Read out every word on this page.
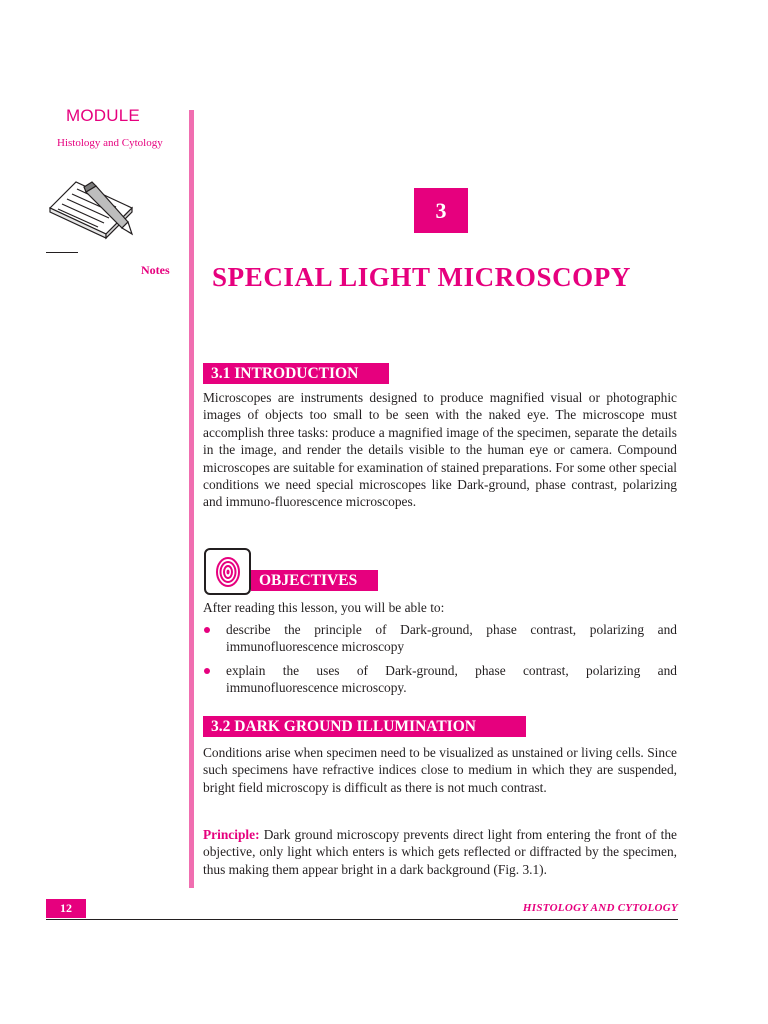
MODULE
Histology and Cytology
Notes
3
SPECIAL LIGHT MICROSCOPY
3.1 INTRODUCTION
Microscopes are instruments designed to produce magnified visual or photographic images of objects too small to be seen with the naked eye. The microscope must accomplish three tasks: produce a magnified image of the specimen, separate the details in the image, and render the details visible to the human eye or camera. Compound microscopes are suitable for examination of stained preparations. For some other special conditions we need special microscopes like Dark-ground, phase contrast, polarizing and immuno-fluorescence microscopes.
OBJECTIVES
After reading this lesson, you will be able to:
describe the principle of Dark-ground, phase contrast, polarizing and immunofluorescence microscopy
explain the uses of Dark-ground, phase contrast, polarizing and immunofluorescence microscopy.
3.2 DARK GROUND ILLUMINATION
Conditions arise when specimen need to be visualized as unstained or living cells. Since such specimens have refractive indices close to medium in which they are suspended, bright field microscopy is difficult as there is not much contrast.
Principle: Dark ground microscopy prevents direct light from entering the front of the objective, only light which enters is which gets reflected or diffracted by the specimen, thus making them appear bright in a dark background (Fig. 3.1).
12	HISTOLOGY AND CYTOLOGY
